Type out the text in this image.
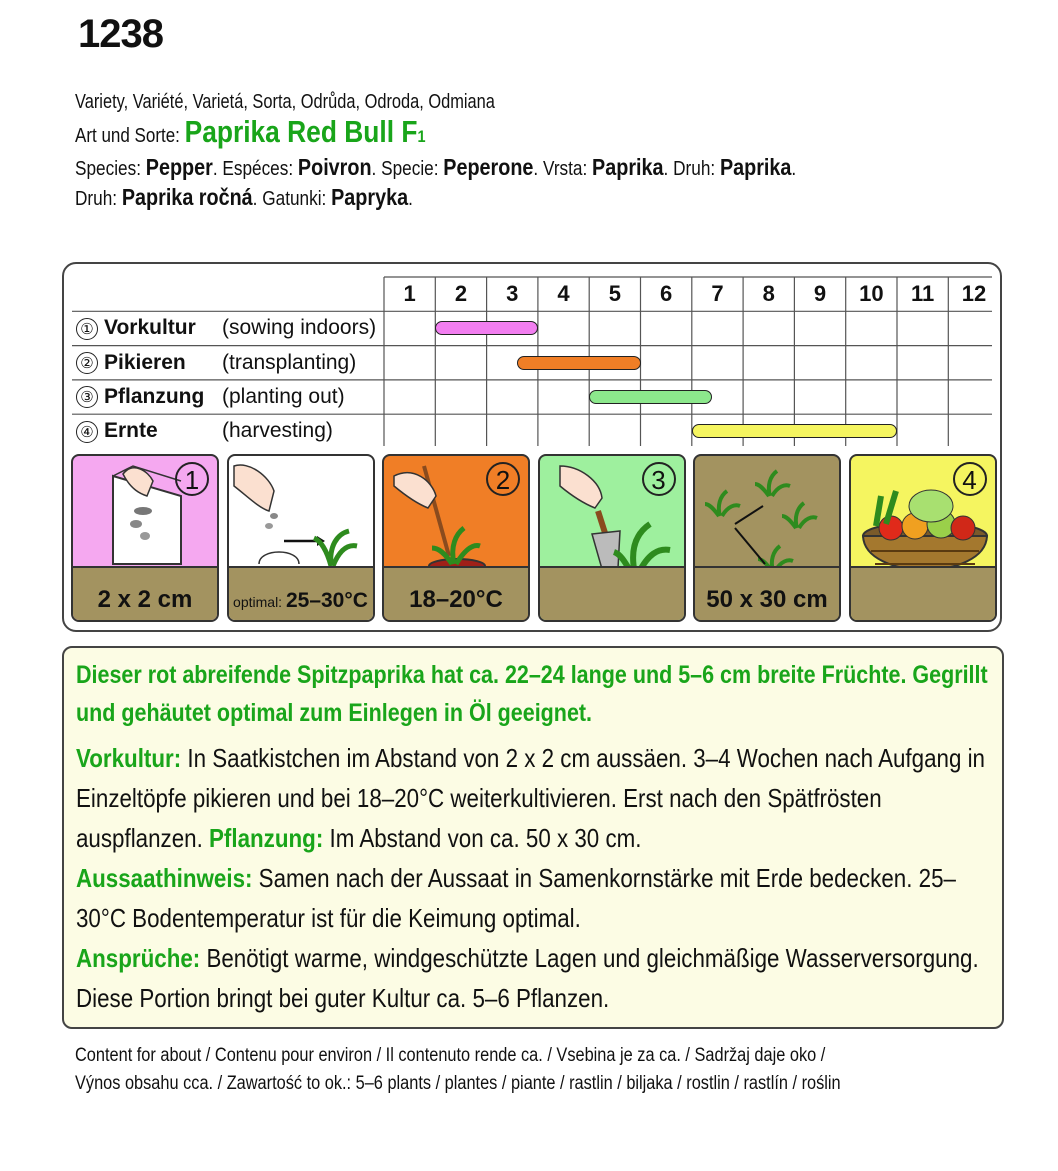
1238
Variety, Variété, Varietá, Sorta, Odrůda, Odroda, Odmiana
Art und Sorte: Paprika Red Bull F1
Species: Pepper. Espéces: Poivron. Specie: Peperone. Vrsta: Paprika. Druh: Paprika.
Druh: Paprika ročná. Gatunki: Papryka.
1	2	3	4	5	6	7	8	9	10	11	12
① Vorkultur (sowing indoors)
② Pikieren (transplanting)
③ Pflanzung (planting out)
④ Ernte	(harvesting)
1
2 x 2 cm	optimal: 25–30°C
2
18–20°C
3
50 x 30 cm
4
Dieser rot abreifende Spitzpaprika hat ca. 22–24 lange und 5–6 cm breite Früchte. Gegrillt und gehäutet optimal zum Einlegen in Öl geeignet.
Vorkultur: In Saatkistchen im Abstand von 2 x 2 cm aussäen. 3–4 Wochen nach Aufgang in Einzeltöpfe pikieren und bei 18–20°C weiterkultivieren. Erst nach den Spätfrösten auspflanzen. Pflanzung: Im Abstand von ca. 50 x 30 cm.
Aussaathinweis: Samen nach der Aussaat in Samenkornstärke mit Erde bedecken. 25–30°C Bodentemperatur ist für die Keimung optimal.
Ansprüche: Benötigt warme, windgeschützte Lagen und gleichmäßige Wasserversorgung. Diese Portion bringt bei guter Kultur ca. 5–6 Pflanzen.
Content for about / Contenu pour environ / Il contenuto rende ca. / Vsebina je za ca. / Sadržaj daje oko /
Výnos obsahu cca. / Zawartość to ok.: 5–6 plants / plantes / piante / rastlin / biljaka / rostlin / rastlín / roślin
